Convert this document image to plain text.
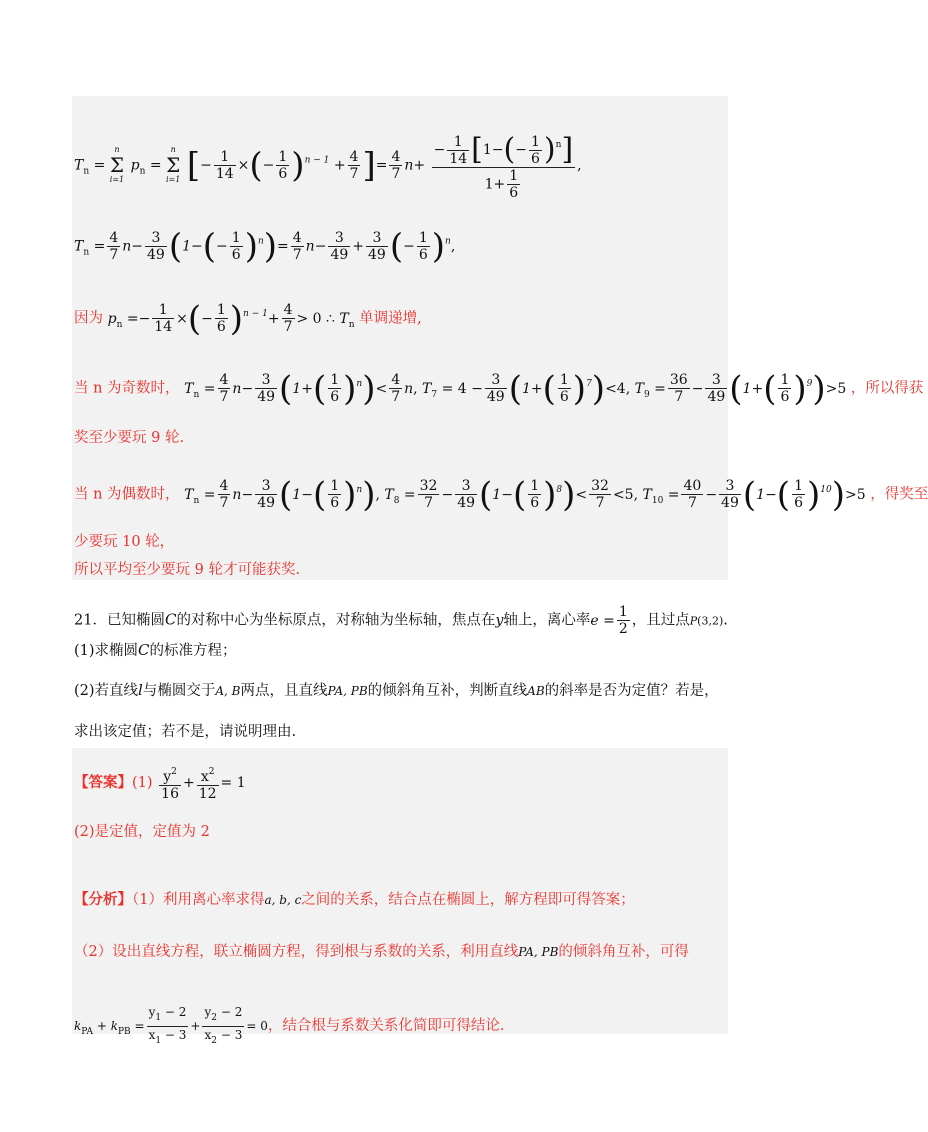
$T_n = n$
Σ
i=1 $p_n = n$
Σ
i=1 [− $\frac{1}{14}$ ×(− $\frac{1}{6} )^{n - 1} + \frac{4}{7}$ ]= $\frac{4}{7} n+ \frac{- \frac{1}{14} [1-(- \frac{1}{6} )^n]}{1+ \frac{1}{6}}$ ,
$T_n = \frac{4}{7} n- \frac{3}{49} (1-(- \frac{1}{6} )^n)= \frac{4}{7} n- \frac{3}{49} + \frac{3}{49}$ (− $\frac{1}{6} )^n$,
因为 $p_n =- \frac{1}{14}$ ×(− $\frac{1}{6} )^{n - 1}+ \frac{4}{7} > 0$ ∴ $T_n$ 单调递增,
当 n 为奇数时， $T_n = \frac{4}{7} n- \frac{3}{49} (1+( \frac{1}{6} )^n)< \frac{4}{7} n$, $T_7 = 4 - \frac{3}{49} (1+( \frac{1}{6} )^7)<4$, $T_9 = \frac{36}{7} - \frac{3}{49} (1+( \frac{1}{6} )^9)>5$ ，所以得获
奖至少要玩 9 轮.
当 n 为偶数时， $T_n = \frac{4}{7} n- \frac{3}{49} (1-( \frac{1}{6} )^n)$, $T_8 = \frac{32}{7} - \frac{3}{49} (1-( \frac{1}{6} )^8)< \frac{32}{7} <5$, $T_{10} = \frac{40}{7} - \frac{3}{49} (1-( \frac{1}{6} )^{10})>5$ ，得奖至
少要玩 10 轮，
所以平均至少要玩 9 轮才可能获奖.
21．已知椭圆C的对称中心为坐标原点，对称轴为坐标轴，焦点在y轴上，离心率$e = \frac{1}{2}$ ，且过点P(3,2).
(1)求椭圆C的标准方程；
(2)若直线l与椭圆交于A, B两点，且直线PA, PB的倾斜角互补，判断直线AB的斜率是否为定值？若是，
求出该定值；若不是，请说明理由.
【答案】$(1) \frac{y^2}{16} + \frac{x^2}{12} = 1$
(2)是定值，定值为 2
【分析】（1）利用离心率求得a, b, c之间的关系，结合点在椭圆上，解方程即可得答案；
（2）设出直线方程，联立椭圆方程，得到根与系数的关系，利用直线PA, PB的倾斜角互补，可得
$k_{PA} + k_{PB} = \frac{y_1 - 2}{x_1 - 3} + \frac{y_2 - 2}{x_2 - 3} = 0$，结合根与系数关系化简即可得结论.
